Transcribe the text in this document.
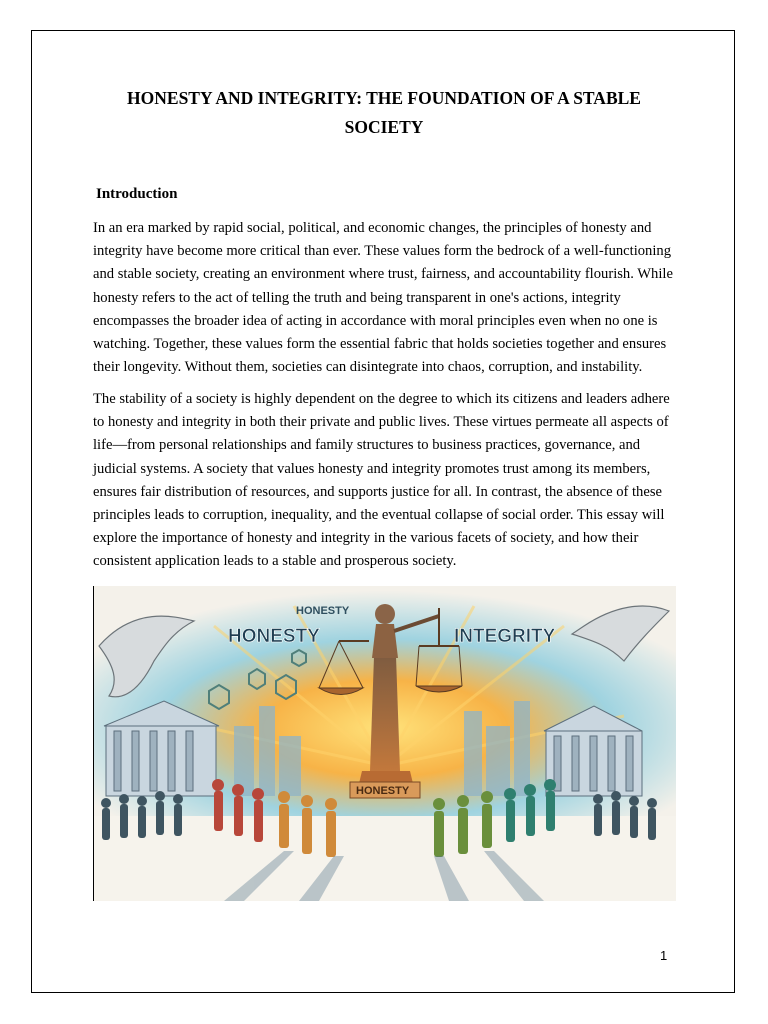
HONESTY AND INTEGRITY: THE FOUNDATION OF A STABLE SOCIETY
Introduction

In an era marked by rapid social, political, and economic changes, the principles of honesty and integrity have become more critical than ever. These values form the bedrock of a well-functioning and stable society, creating an environment where trust, fairness, and accountability flourish. While honesty refers to the act of telling the truth and being transparent in one's actions, integrity encompasses the broader idea of acting in accordance with moral principles even when no one is watching. Together, these values form the essential fabric that holds societies together and ensures their longevity. Without them, societies can disintegrate into chaos, corruption, and instability.

The stability of a society is highly dependent on the degree to which its citizens and leaders adhere to honesty and integrity in both their private and public lives. These virtues permeate all aspects of life—from personal relationships and family structures to business practices, governance, and judicial systems. A society that values honesty and integrity promotes trust among its members, ensures fair distribution of resources, and supports justice for all. In contrast, the absence of these principles leads to corruption, inequality, and the eventual collapse of social order. This essay will explore the importance of honesty and integrity in the various facets of society, and how their consistent application leads to a stable and prosperous society.

HONESTY
HONESTY	INTEGRITY
HONESTY
1
